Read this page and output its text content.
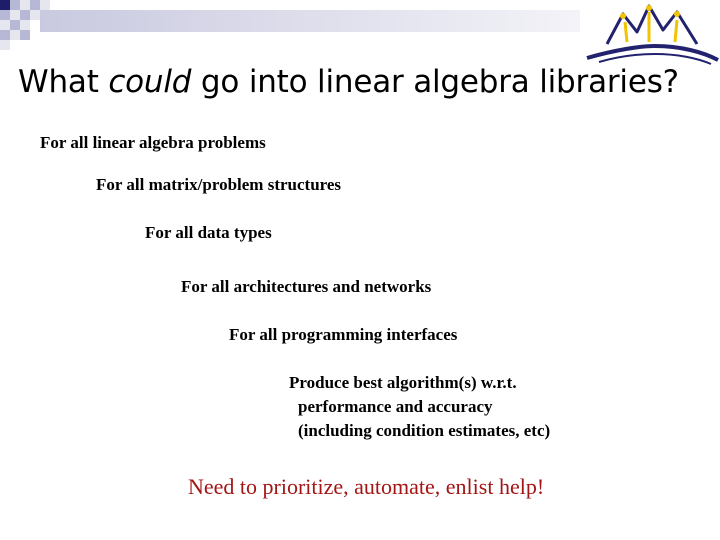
What could go into linear algebra libraries?

For all linear algebra problems

For all matrix/problem structures

For all data types

For all architectures and networks

For all programming interfaces

Produce best algorithm(s) w.r.t.

performance and accuracy

(including condition estimates, etc)

Need to prioritize, automate, enlist help!
